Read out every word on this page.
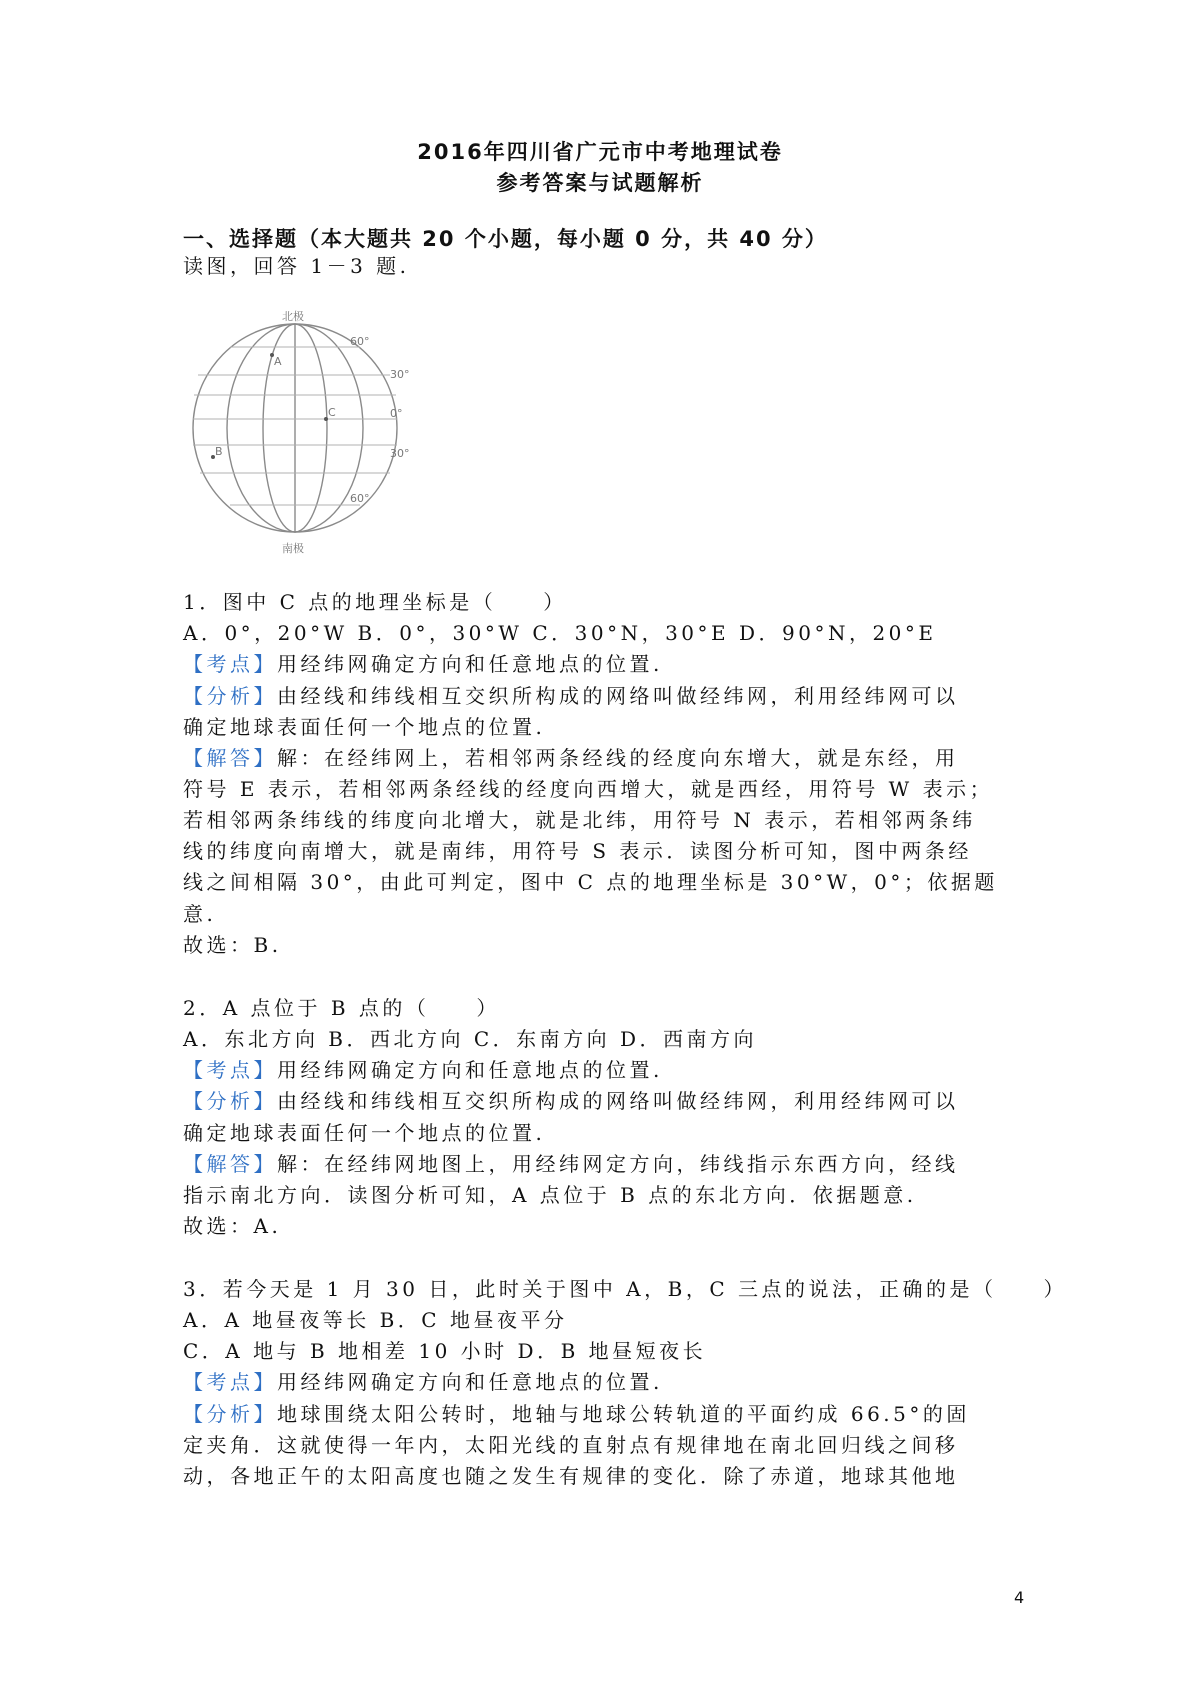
2016年四川省广元市中考地理试卷
参考答案与试题解析
一、选择题（本大题共 20 个小题，每小题 0 分，共 40 分）
读图，回答 1－3 题.
北极
南极
60°
30°
0°
30°
60°
A
B
C
1．图中 C 点的地理坐标是（　　）
A．0°，20°W B．0°，30°W C．30°N，30°E D．90°N，20°E
【考点】用经纬网确定方向和任意地点的位置.
【分析】由经线和纬线相互交织所构成的网络叫做经纬网，利用经纬网可以
确定地球表面任何一个地点的位置.
【解答】解：在经纬网上，若相邻两条经线的经度向东增大，就是东经，用
符号 E 表示，若相邻两条经线的经度向西增大，就是西经，用符号 W 表示；
若相邻两条纬线的纬度向北增大，就是北纬，用符号 N 表示，若相邻两条纬
线的纬度向南增大，就是南纬，用符号 S 表示．读图分析可知，图中两条经
线之间相隔 30°，由此可判定，图中 C 点的地理坐标是 30°W，0°；依据题
意.
故选：B.
2．A 点位于 B 点的（　　）
A．东北方向 B．西北方向 C．东南方向 D．西南方向
【考点】用经纬网确定方向和任意地点的位置.
【分析】由经线和纬线相互交织所构成的网络叫做经纬网，利用经纬网可以
确定地球表面任何一个地点的位置.
【解答】解：在经纬网地图上，用经纬网定方向，纬线指示东西方向，经线
指示南北方向．读图分析可知，A 点位于 B 点的东北方向．依据题意.
故选：A.
3．若今天是 1 月 30 日，此时关于图中 A，B，C 三点的说法，正确的是（　　）
A．A 地昼夜等长 B．C 地昼夜平分
C．A 地与 B 地相差 10 小时 D．B 地昼短夜长
【考点】用经纬网确定方向和任意地点的位置.
【分析】地球围绕太阳公转时，地轴与地球公转轨道的平面约成 66.5°的固
定夹角．这就使得一年内，太阳光线的直射点有规律地在南北回归线之间移
动，各地正午的太阳高度也随之发生有规律的变化．除了赤道，地球其他地
4
